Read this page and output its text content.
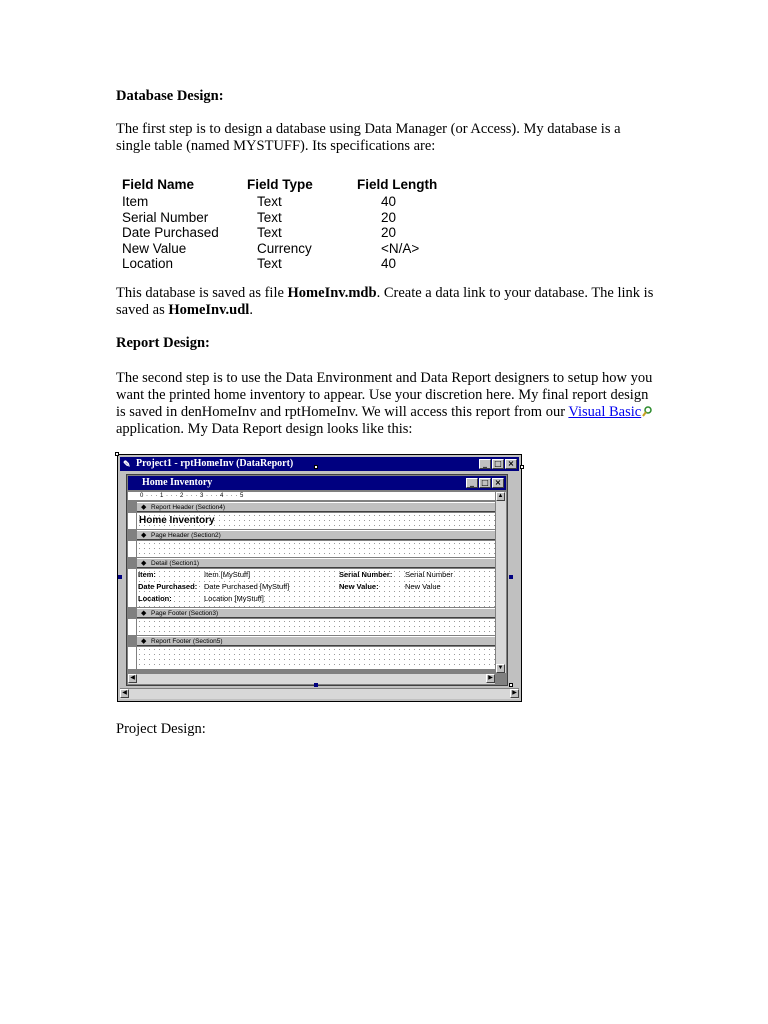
Database Design:

The first step is to design a database using Data Manager (or Access). My database is a single table (named MYSTUFF). Its specifications are:

Field Name	Field Type	Field Length
Item	Text	40
Serial Number	Text	20
Date Purchased	Text	20
New Value	Currency	<N/A>
Location	Text	40

This database is saved as file HomeInv.mdb. Create a data link to your database. The link is saved as HomeInv.udl.

Report Design:

The second step is to use the Data Environment and Data Report designers to setup how you want the printed home inventory to appear. Use your discretion here. My final report design is saved in denHomeInv and rptHomeInv. We will access this report from our Visual Basic application. My Data Report design looks like this:

✎ Project1 - rptHomeInv (DataReport)	_ □ ×
Home Inventory	_ □ ×
0 · · · 1 · · · 2 · · · 3 · · · 4 · · · 5
◆ Report Header (Section4)
Home Inventory
◆ Page Header (Section2)
◆ Detail (Section1)
Item:	Item [MyStuff]	Serial Number: Serial Number
Date Purchased: Date Purchased [MyStuff]	New Value:	New Value
Location:	Location [MyStuff]
◆ Page Footer (Section3)
◆ Report Footer (Section5)
▲
▼
◀	▶
◀	▶

Project Design:
